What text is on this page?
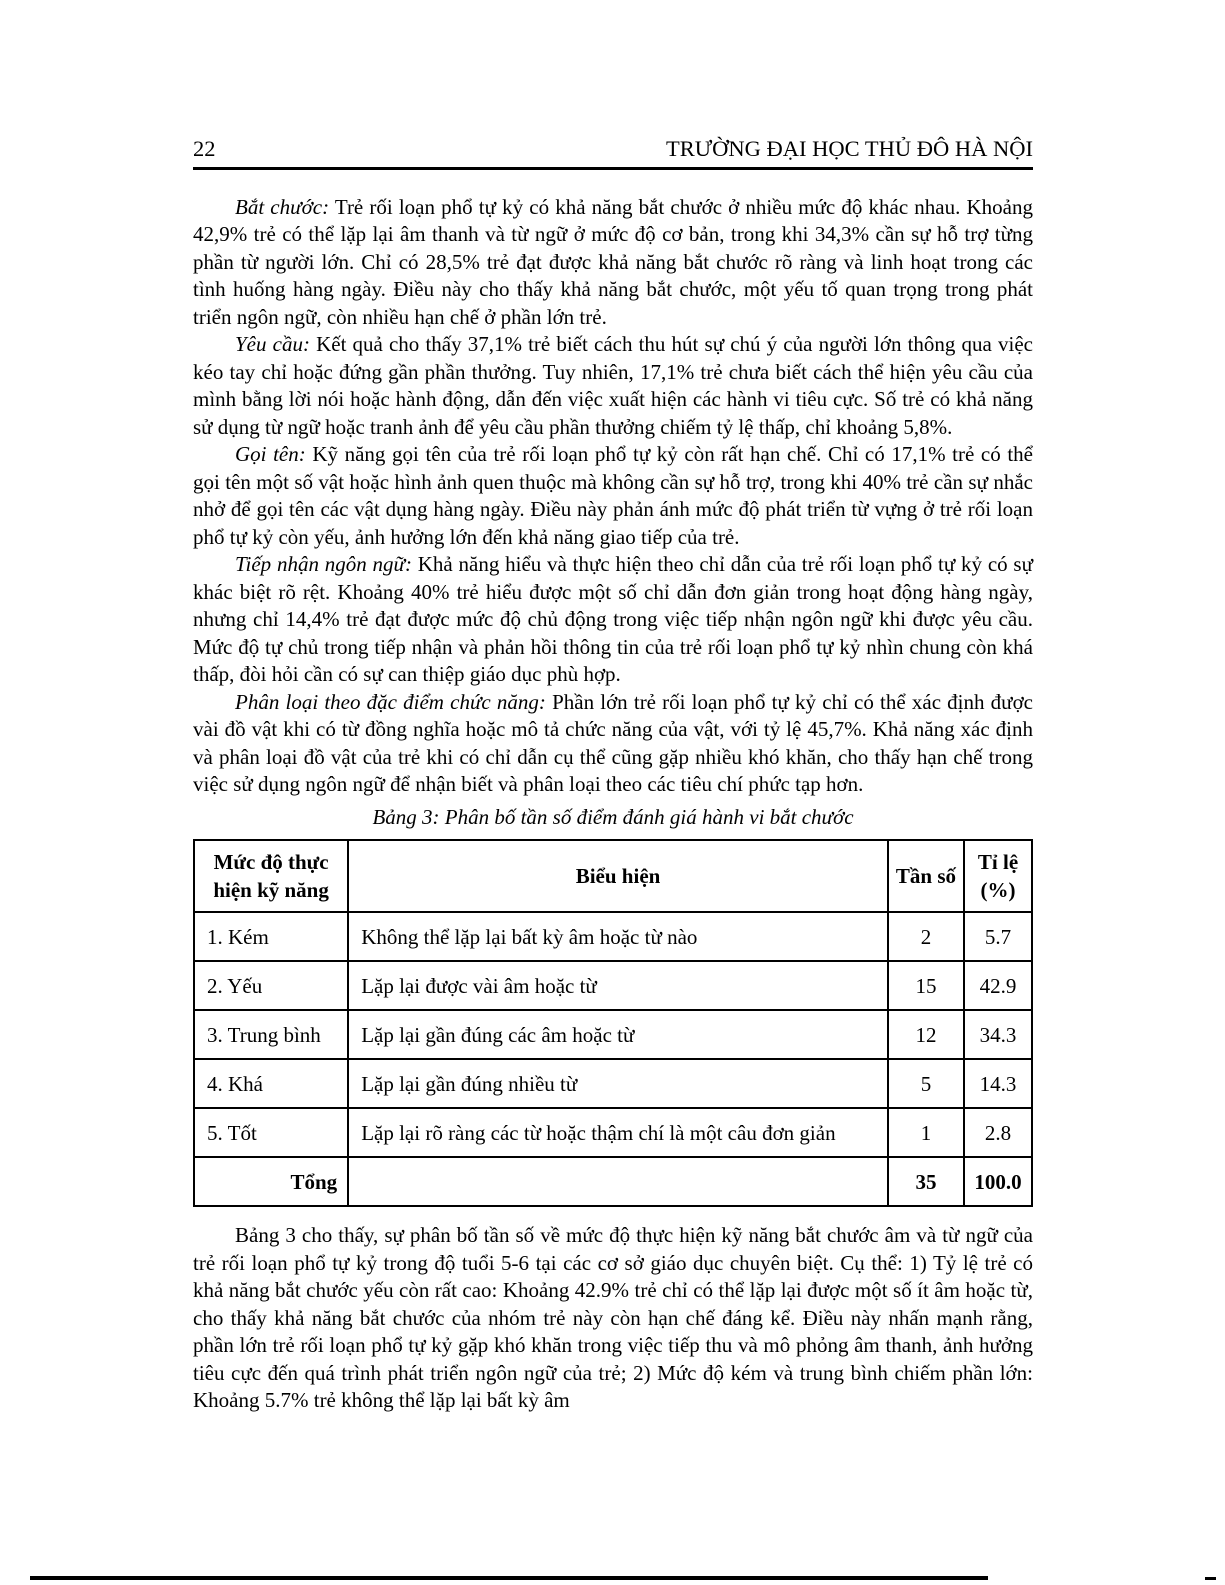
22	TRƯỜNG ĐẠI HỌC THỦ ĐÔ HÀ NỘI

Bắt chước: Trẻ rối loạn phổ tự kỷ có khả năng bắt chước ở nhiều mức độ khác nhau. Khoảng 42,9% trẻ có thể lặp lại âm thanh và từ ngữ ở mức độ cơ bản, trong khi 34,3% cần sự hỗ trợ từng phần từ người lớn. Chỉ có 28,5% trẻ đạt được khả năng bắt chước rõ ràng và linh hoạt trong các tình huống hàng ngày. Điều này cho thấy khả năng bắt chước, một yếu tố quan trọng trong phát triển ngôn ngữ, còn nhiều hạn chế ở phần lớn trẻ.

Yêu cầu: Kết quả cho thấy 37,1% trẻ biết cách thu hút sự chú ý của người lớn thông qua việc kéo tay chỉ hoặc đứng gần phần thưởng. Tuy nhiên, 17,1% trẻ chưa biết cách thể hiện yêu cầu của mình bằng lời nói hoặc hành động, dẫn đến việc xuất hiện các hành vi tiêu cực. Số trẻ có khả năng sử dụng từ ngữ hoặc tranh ảnh để yêu cầu phần thưởng chiếm tỷ lệ thấp, chỉ khoảng 5,8%.

Gọi tên: Kỹ năng gọi tên của trẻ rối loạn phổ tự kỷ còn rất hạn chế. Chỉ có 17,1% trẻ có thể gọi tên một số vật hoặc hình ảnh quen thuộc mà không cần sự hỗ trợ, trong khi 40% trẻ cần sự nhắc nhở để gọi tên các vật dụng hàng ngày. Điều này phản ánh mức độ phát triển từ vựng ở trẻ rối loạn phổ tự kỷ còn yếu, ảnh hưởng lớn đến khả năng giao tiếp của trẻ.

Tiếp nhận ngôn ngữ: Khả năng hiểu và thực hiện theo chỉ dẫn của trẻ rối loạn phổ tự kỷ có sự khác biệt rõ rệt. Khoảng 40% trẻ hiểu được một số chỉ dẫn đơn giản trong hoạt động hàng ngày, nhưng chỉ 14,4% trẻ đạt được mức độ chủ động trong việc tiếp nhận ngôn ngữ khi được yêu cầu. Mức độ tự chủ trong tiếp nhận và phản hồi thông tin của trẻ rối loạn phổ tự kỷ nhìn chung còn khá thấp, đòi hỏi cần có sự can thiệp giáo dục phù hợp.

Phân loại theo đặc điểm chức năng: Phần lớn trẻ rối loạn phổ tự kỷ chỉ có thể xác định được vài đồ vật khi có từ đồng nghĩa hoặc mô tả chức năng của vật, với tỷ lệ 45,7%. Khả năng xác định và phân loại đồ vật của trẻ khi có chỉ dẫn cụ thể cũng gặp nhiều khó khăn, cho thấy hạn chế trong việc sử dụng ngôn ngữ để nhận biết và phân loại theo các tiêu chí phức tạp hơn.

Bảng 3: Phân bố tần số điểm đánh giá hành vi bắt chước
Mức độ thực hiện kỹ năng	Biểu hiện	Tần số	Tỉ lệ (%)
1. Kém	Không thể lặp lại bất kỳ âm hoặc từ nào	2	5.7
2. Yếu	Lặp lại được vài âm hoặc từ	15	42.9
3. Trung bình	Lặp lại gần đúng các âm hoặc từ	12	34.3
4. Khá	Lặp lại gần đúng nhiều từ	5	14.3
5. Tốt	Lặp lại rõ ràng các từ hoặc thậm chí là một câu đơn giản	1	2.8
Tổng		35	100.0

Bảng 3 cho thấy, sự phân bố tần số về mức độ thực hiện kỹ năng bắt chước âm và từ ngữ của trẻ rối loạn phổ tự kỷ trong độ tuổi 5-6 tại các cơ sở giáo dục chuyên biệt. Cụ thể: 1) Tỷ lệ trẻ có khả năng bắt chước yếu còn rất cao: Khoảng 42.9% trẻ chỉ có thể lặp lại được một số ít âm hoặc từ, cho thấy khả năng bắt chước của nhóm trẻ này còn hạn chế đáng kể. Điều này nhấn mạnh rằng, phần lớn trẻ rối loạn phổ tự kỷ gặp khó khăn trong việc tiếp thu và mô phỏng âm thanh, ảnh hưởng tiêu cực đến quá trình phát triển ngôn ngữ của trẻ; 2) Mức độ kém và trung bình chiếm phần lớn: Khoảng 5.7% trẻ không thể lặp lại bất kỳ âm
